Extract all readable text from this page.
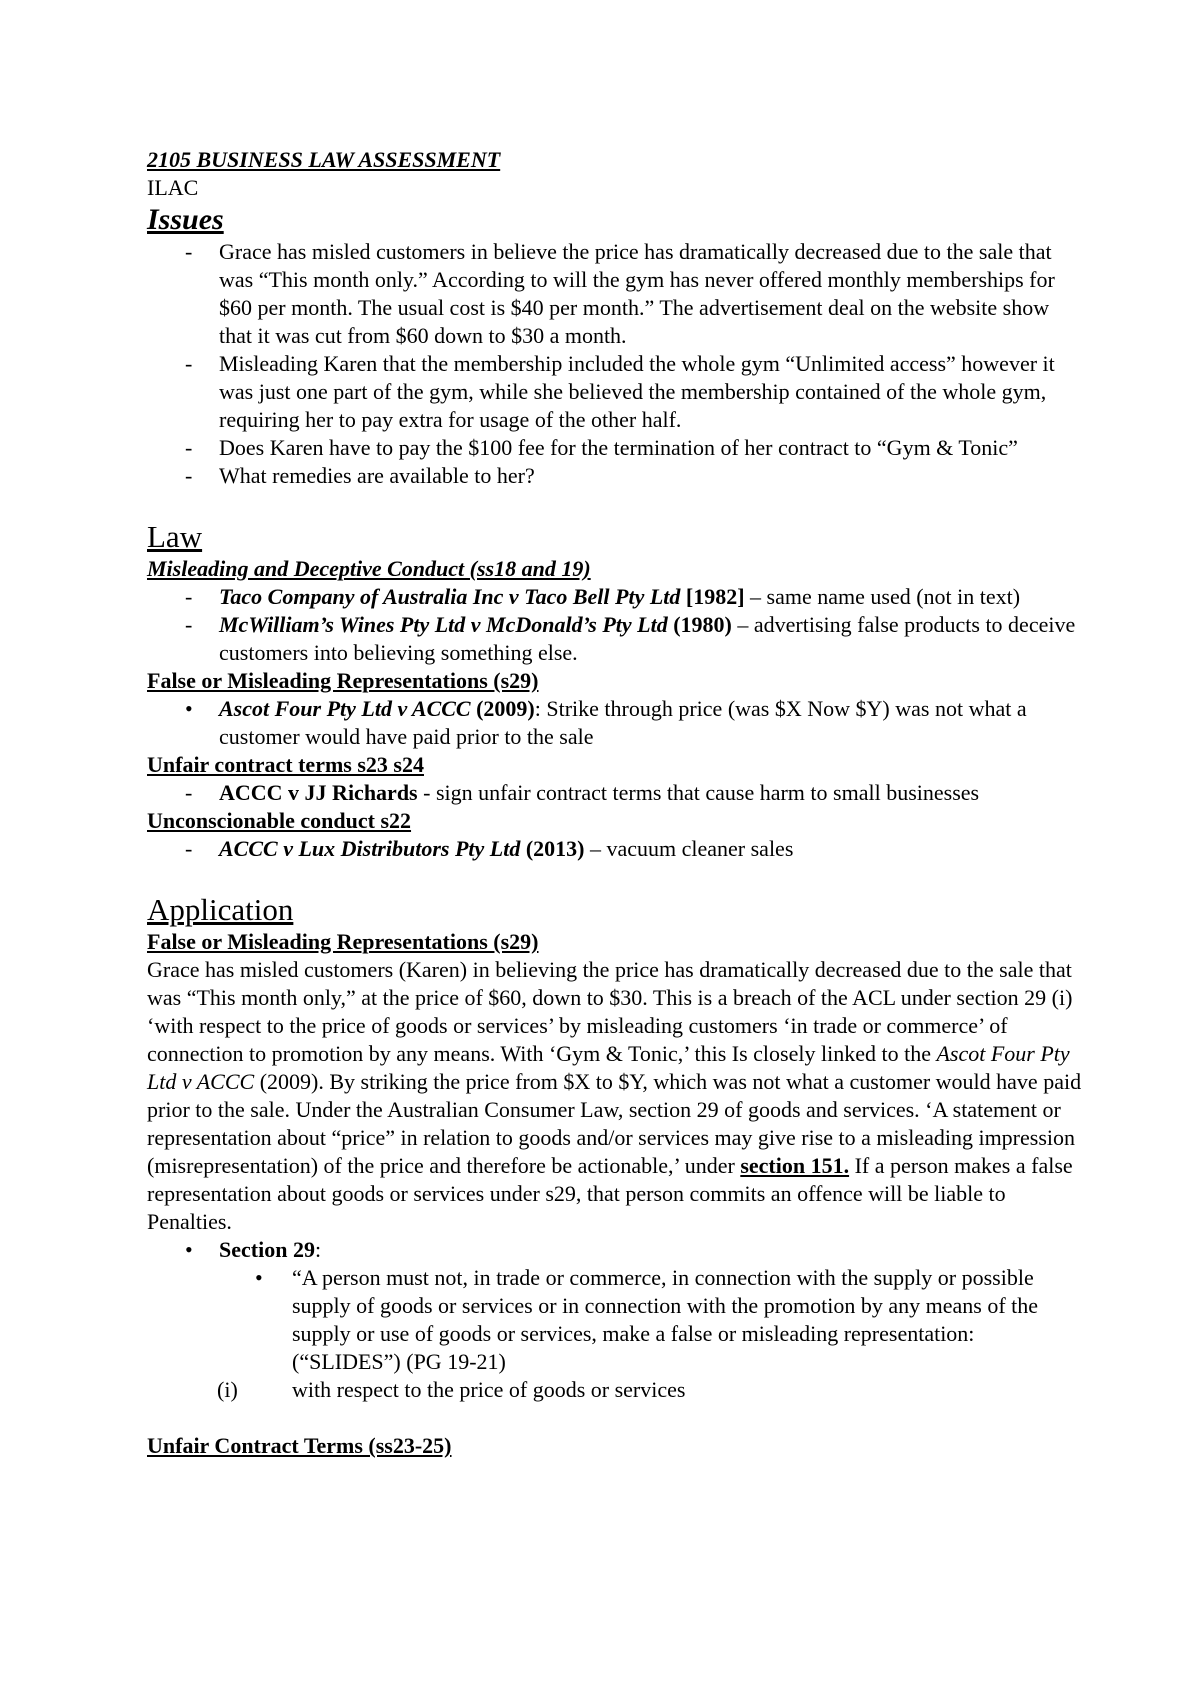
2105 BUSINESS LAW ASSESSMENT

ILAC

Issues

-	Grace has misled customers in believe the price has dramatically decreased due to the sale that was “This month only.” According to will the gym has never offered monthly memberships for $60 per month. The usual cost is $40 per month.” The advertisement deal on the website show that it was cut from $60 down to $30 a month.

-	Misleading Karen that the membership included the whole gym “Unlimited access” however it was just one part of the gym, while she believed the membership contained of the whole gym, requiring her to pay extra for usage of the other half.

-	Does Karen have to pay the $100 fee for the termination of her contract to “Gym & Tonic”

-	What remedies are available to her?

Law

Misleading and Deceptive Conduct (ss18 and 19)

-	Taco Company of Australia Inc v Taco Bell Pty Ltd [1982] – same name used (not in text)

-	McWilliam’s Wines Pty Ltd v McDonald’s Pty Ltd (1980) – advertising false products to deceive customers into believing something else.

False or Misleading Representations (s29)

•	Ascot Four Pty Ltd v ACCC (2009): Strike through price (was $X Now $Y) was not what a customer would have paid prior to the sale

Unfair contract terms s23 s24

-	ACCC v JJ Richards - sign unfair contract terms that cause harm to small businesses

Unconscionable conduct s22

-	ACCC v Lux Distributors Pty Ltd (2013) – vacuum cleaner sales

Application

False or Misleading Representations (s29)

Grace has misled customers (Karen) in believing the price has dramatically decreased due to the sale that was “This month only,” at the price of $60, down to $30. This is a breach of the ACL under section 29 (i) ‘with respect to the price of goods or services’ by misleading customers ‘in trade or commerce’ of connection to promotion by any means. With ‘Gym & Tonic,’ this Is closely linked to the Ascot Four Pty Ltd v ACCC (2009). By striking the price from $X to $Y, which was not what a customer would have paid prior to the sale. Under the Australian Consumer Law, section 29 of goods and services. ‘A statement or representation about “price” in relation to goods and/or services may give rise to a misleading impression (misrepresentation) of the price and therefore be actionable,’ under section 151. If a person makes a false representation about goods or services under s29, that person commits an offence will be liable to Penalties.

•	Section 29:

•	“A person must not, in trade or commerce, in connection with the supply or possible supply of goods or services or in connection with the promotion by any means of the supply or use of goods or services, make a false or misleading representation: (“SLIDES”) (PG 19-21)

(i)	with respect to the price of goods or services

Unfair Contract Terms (ss23-25)
